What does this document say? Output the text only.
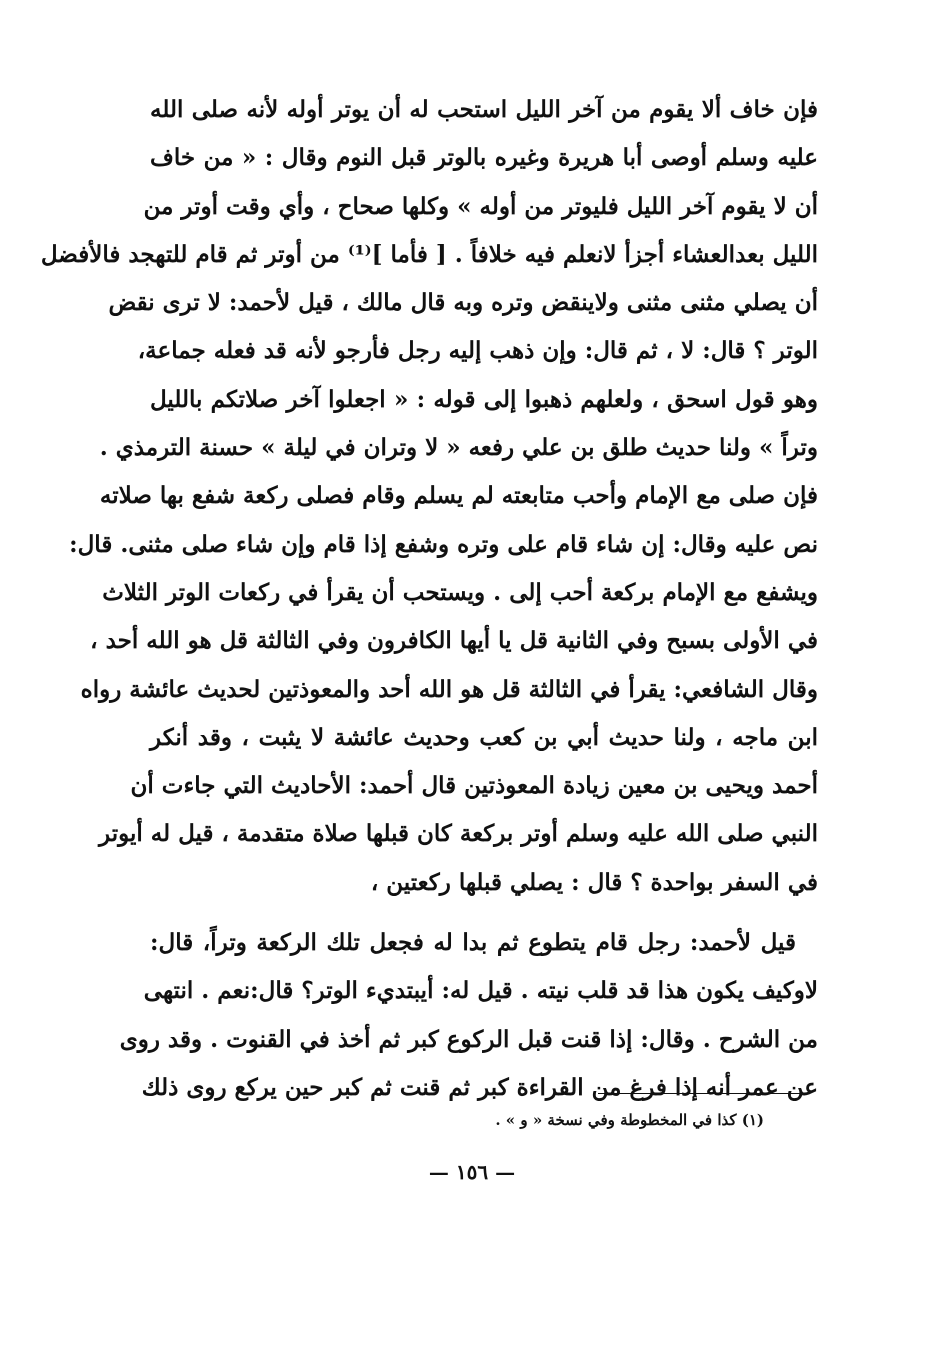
فإن خاف ألا يقوم من آخر الليل استحب له أن يوتر أوله لأنه صلى الله
عليه وسلم أوصى أبا هريرة وغيره بالوتر قبل النوم وقال : « من خاف
أن لا يقوم آخر الليل فليوتر من أوله » وكلها صحاح ، وأي وقت أوتر من
الليل بعدالعشاء أجزأ لانعلم فيه خلافاً . [ فأما ]⁽¹⁾ من أوتر ثم قام للتهجد فالأفضل
أن يصلي مثنى مثنى ولاينقض وتره وبه قال مالك ، قيل لأحمد: لا ترى نقض
الوتر ؟ قال: لا ، ثم قال: وإن ذهب إليه رجل فأرجو لأنه قد فعله جماعة،
وهو قول اسحق ، ولعلهم ذهبوا إلى قوله : « اجعلوا آخر صلاتكم بالليل
وتراً » ولنا حديث طلق بن علي رفعه « لا وتران في ليلة » حسنة الترمذي .
فإن صلى مع الإمام وأحب متابعته لم يسلم وقام فصلى ركعة شفع بها صلاته
نص عليه وقال: إن شاء قام على وتره وشفع إذا قام وإن شاء صلى مثنى. قال:
ويشفع مع الإمام بركعة أحب إلى . ويستحب أن يقرأ في ركعات الوتر الثلاث
في الأولى بسبح وفي الثانية قل يا أيها الكافرون وفي الثالثة قل هو الله أحد ،
وقال الشافعي: يقرأ في الثالثة قل هو الله أحد والمعوذتين لحديث عائشة رواه
ابن ماجه ، ولنا حديث أبي بن كعب وحديث عائشة لا يثبت ، وقد أنكر
أحمد ويحيى بن معين زيادة المعوذتين قال أحمد: الأحاديث التي جاءت أن
النبي صلى الله عليه وسلم أوتر بركعة كان قبلها صلاة متقدمة ، قيل له أيوتر
في السفر بواحدة ؟ قال : يصلي قبلها ركعتين ،
قيل لأحمد: رجل قام يتطوع ثم بدا له فجعل تلك الركعة وتراً، قال:
لاوكيف يكون هذا قد قلب نيته . قيل له: أيبتديء الوتر؟ قال:نعم . انتهى
من الشرح . وقال: إذا قنت قبل الركوع كبر ثم أخذ في القنوت . وقد روى
عن عمر أنه إذا فرغ من القراءة كبر ثم قنت ثم كبر حين يركع روى ذلك
(١) كذا في المخطوطة وفي نسخة « و » .
— ١٥٦ —
